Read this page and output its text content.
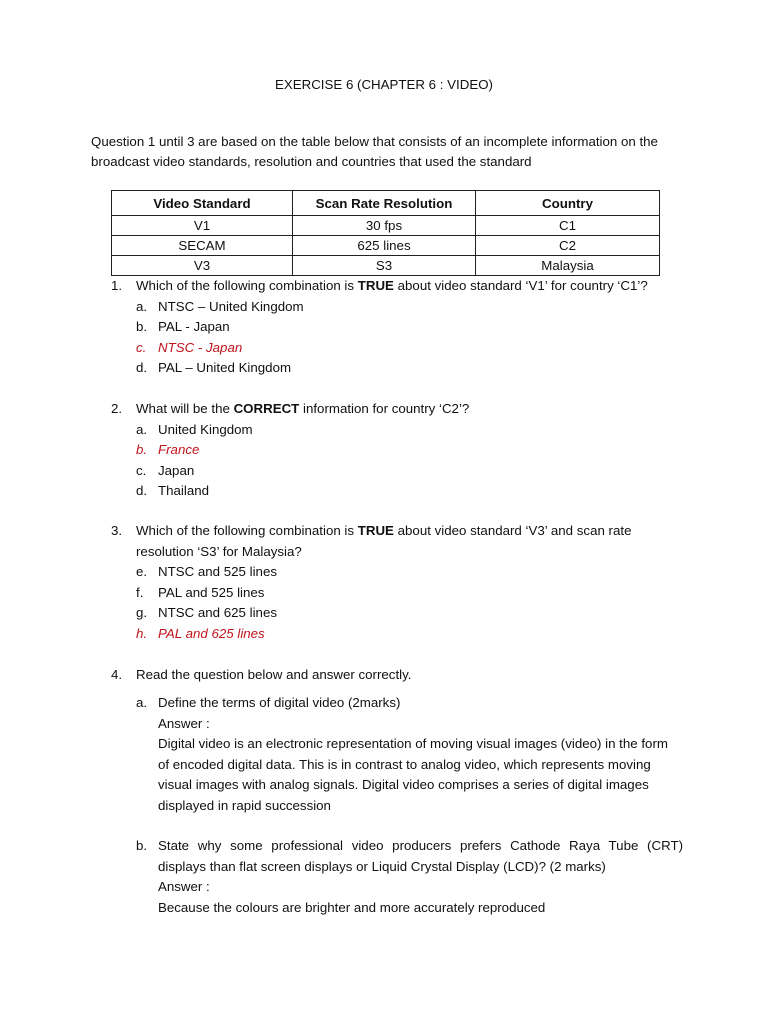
EXERCISE 6 (CHAPTER 6 : VIDEO)
Question 1 until 3 are based on the table below that consists of an incomplete information on the broadcast video standards, resolution and countries that used the standard
Video Standard	Scan Rate Resolution	Country
V1	30 fps	C1
SECAM	625 lines	C2
V3	S3	Malaysia
1.	Which of the following combination is TRUE about video standard ‘V1’ for country ‘C1’?
a. NTSC – United Kingdom
b. PAL - Japan
c. NTSC - Japan
d. PAL – United Kingdom
2.	What will be the CORRECT information for country ‘C2’?
a. United Kingdom
b. France
c. Japan
d. Thailand
3.	Which of the following combination is TRUE about video standard ‘V3’ and scan rate resolution ‘S3’ for Malaysia?
e. NTSC and 525 lines
f.	PAL and 525 lines
g. NTSC and 625 lines
h. PAL and 625 lines
4.	Read the question below and answer correctly.
a. Define the terms of digital video (2marks)
Answer :
Digital video is an electronic representation of moving visual images (video) in the form of encoded digital data. This is in contrast to analog video, which represents moving visual images with analog signals. Digital video comprises a series of digital images displayed in rapid succession
b. State why some professional video producers prefers Cathode Raya Tube (CRT) displays than flat screen displays or Liquid Crystal Display (LCD)? (2 marks)
Answer :
Because the colours are brighter and more accurately reproduced
